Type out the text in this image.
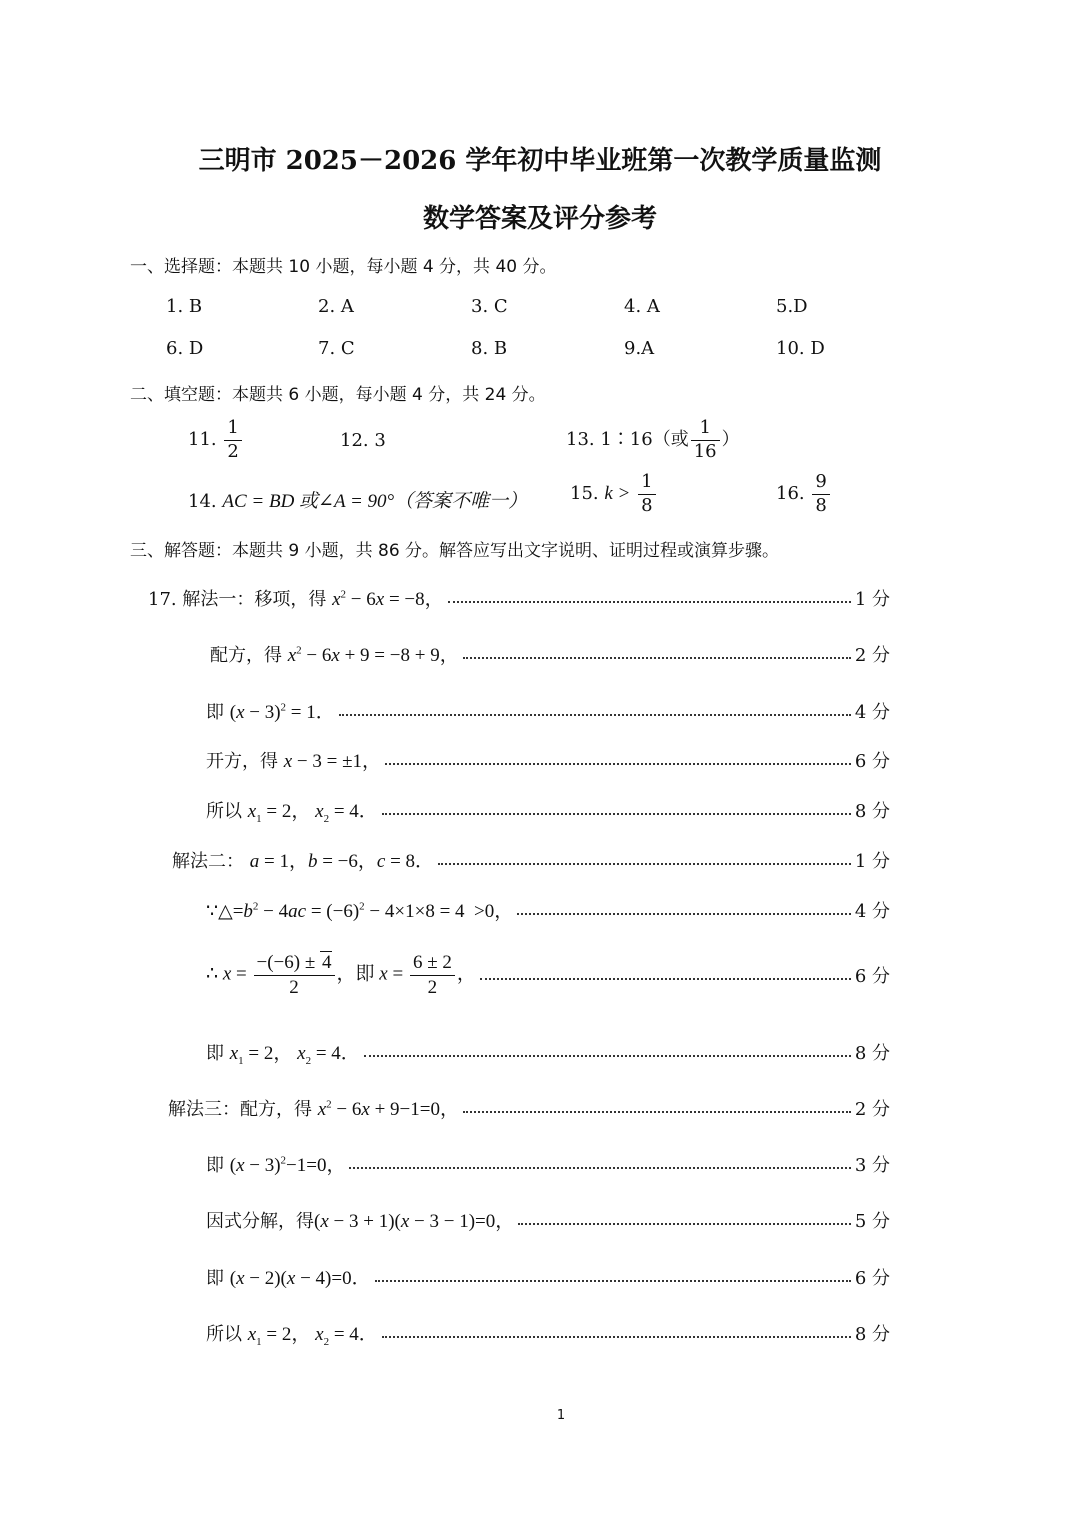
三明市 2025－2026 学年初中毕业班第一次教学质量监测
数学答案及评分参考
一、选择题：本题共 10 小题，每小题 4 分，共 40 分。
1. B	2. A	3. C	4. A	5.D
6. D	7. C	8. B	9.A	10. D
二、填空题：本题共 6 小题，每小题 4 分，共 24 分。
11. $\frac{1}{2}$	12. 3	13. 1∶16（或 $\frac{1}{16}$ ）
14. AC = BD 或∠A = 90°（答案不唯一） 15. $k > \frac{1}{8}$	16. $\frac{9}{8}$
三、解答题：本题共 9 小题，共 86 分。解答应写出文字说明、证明过程或演算步骤。
17. 解法一：移项，得 $x^2 - 6x = -8$，	1 分
配方，得 $x^2 - 6x + 9 = -8 + 9$，	2 分
即 $(x - 3)^2 = 1$．	4 分
开方，得 x − 3 = ±1，	6 分
所以 $x_1 = 2$， $x_2 = 4$．	8 分
解法二： a = 1，b = −6，c = 8．	1 分
$\because\triangle=b^2 - 4ac = (-6)^2 - 4\times 1\times 8 = 4 >0$，	4 分
∴ $x = \frac{-(-6) \pm 4}{2}$ ，即 $x = \frac{6 \pm 2}{2}$ ，	6 分
即 $x_1 = 2$， $x_2 = 4$．	8 分
解法三：配方，得 $x^2 - 6x + 9-1=0$，	2 分
即 $(x - 3)^2-1=0$，	3 分
因式分解，得(x − 3 + 1)(x − 3 − 1)=0，	5 分
即 (x − 2)(x − 4)=0．	6 分
所以 $x_1 = 2$， $x_2 = 4$．	8 分
1
